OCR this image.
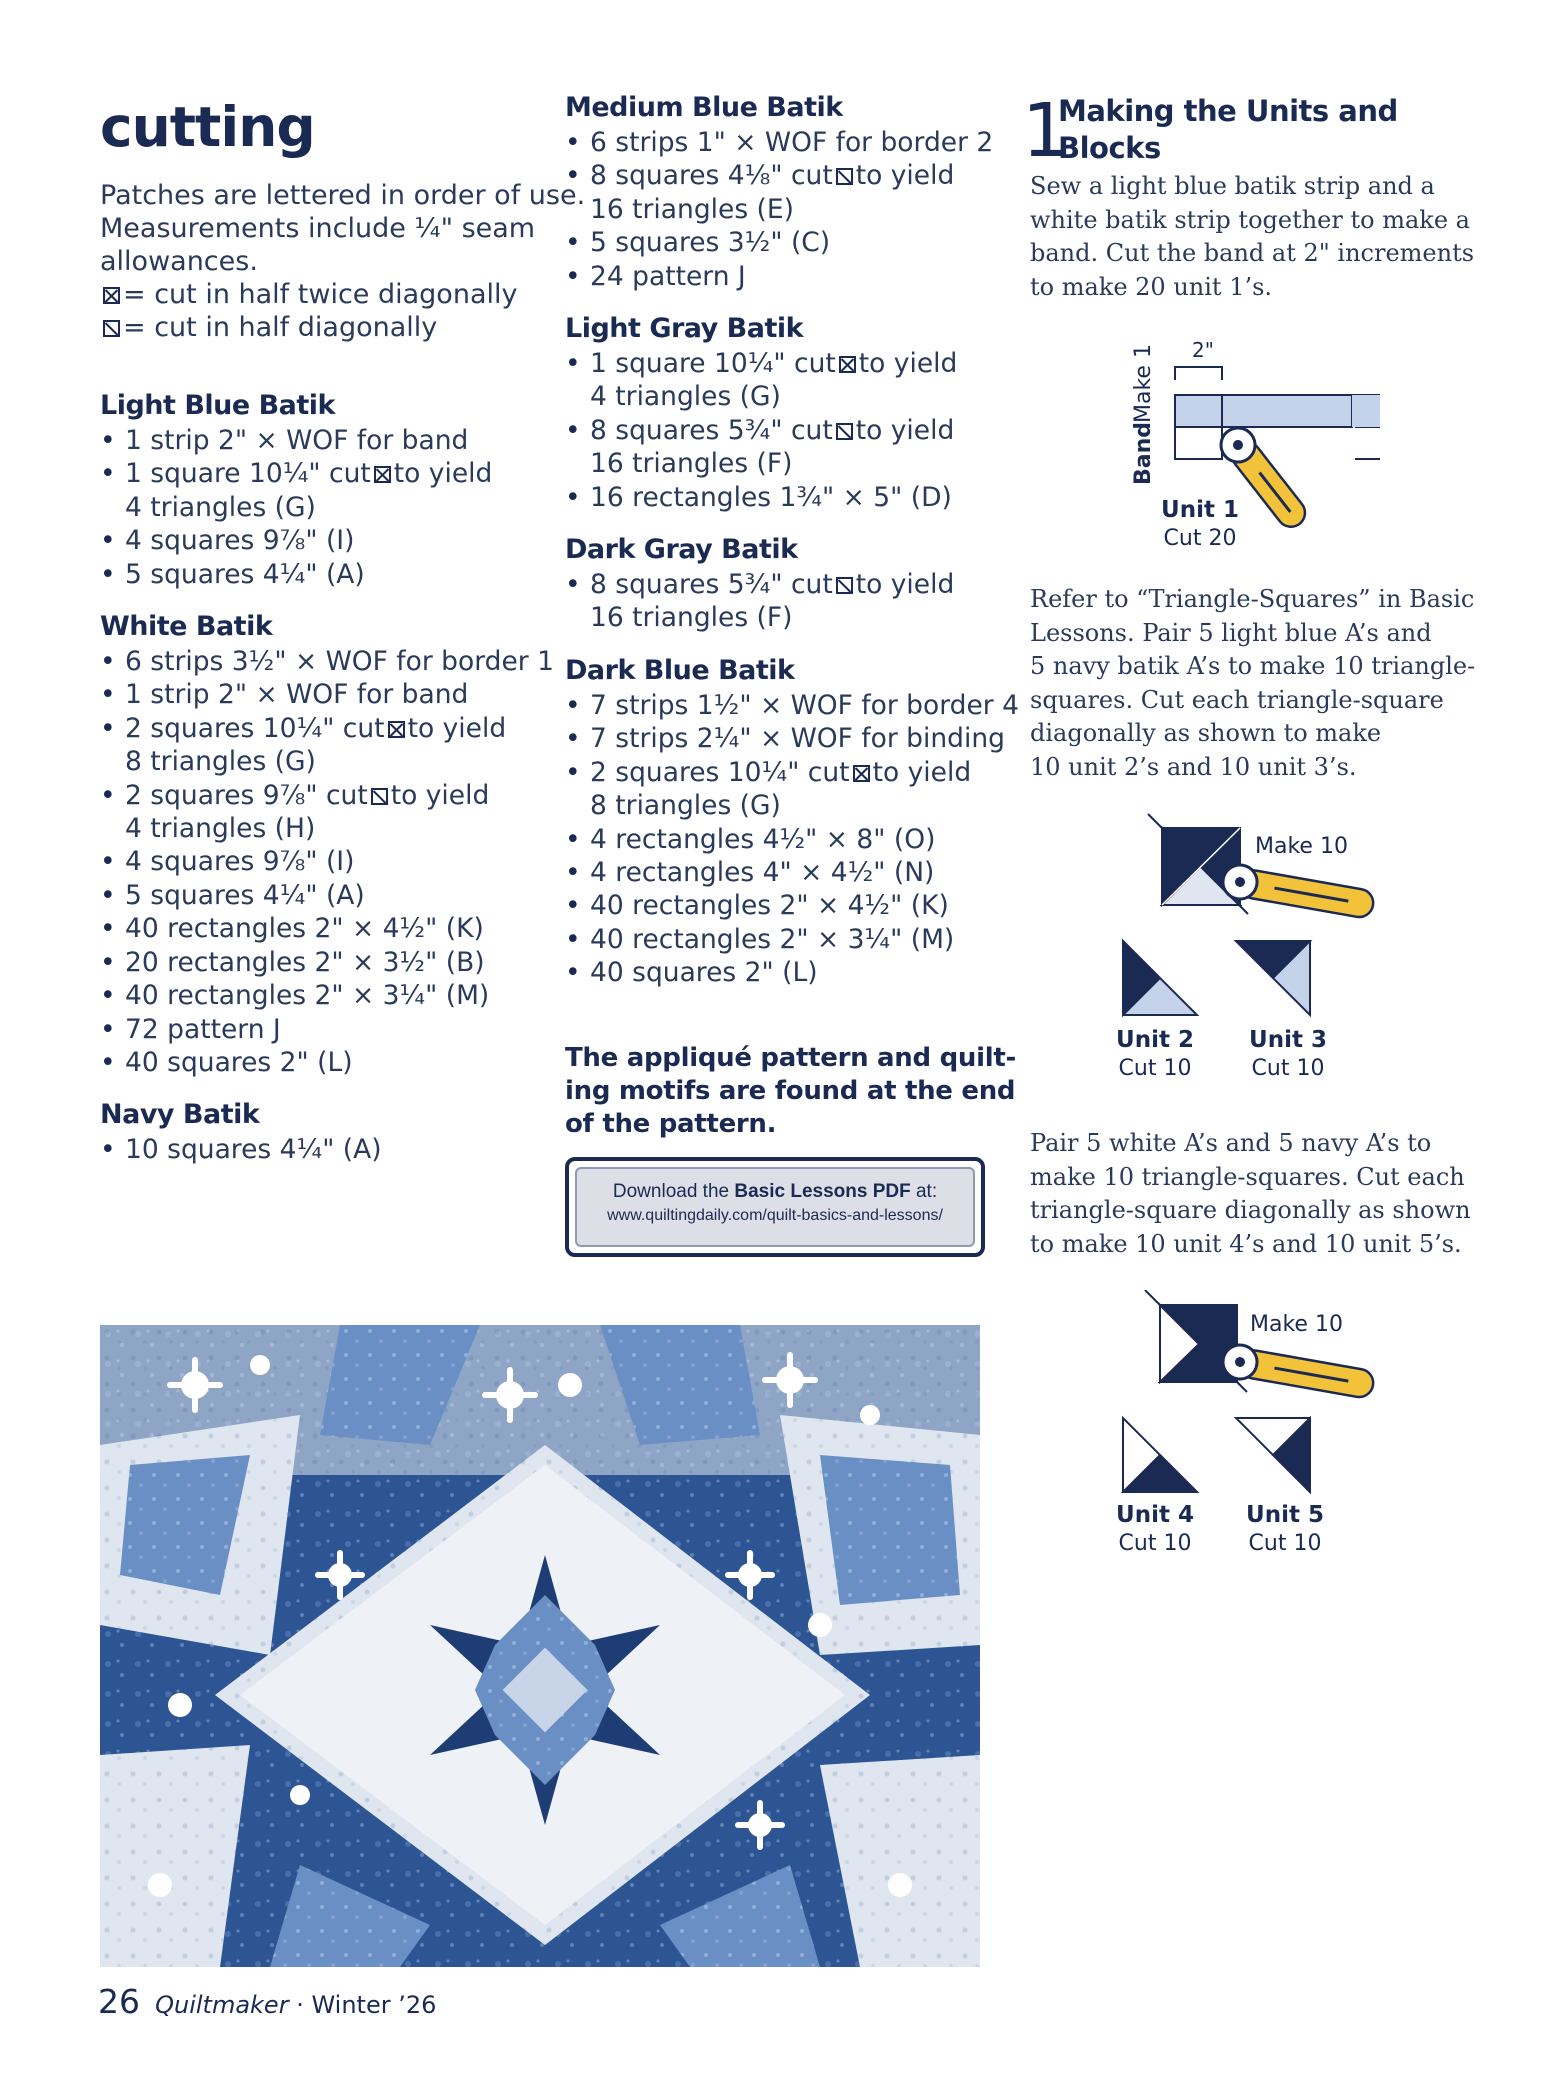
cutting
Patches are lettered in order of use.
Measurements include ¼" seam
allowances.
= cut in half twice diagonally
= cut in half diagonally
Light Blue Batik
• 1 strip 2" × WOF for band
• 1 square 10¼" cut to yield
4 triangles (G)
• 4 squares 9⅞" (I)
• 5 squares 4¼" (A)
White Batik
• 6 strips 3½" × WOF for border 1
• 1 strip 2" × WOF for band
• 2 squares 10¼" cut to yield
8 triangles (G)
• 2 squares 9⅞" cut to yield
4 triangles (H)
• 4 squares 9⅞" (I)
• 5 squares 4¼" (A)
• 40 rectangles 2" × 4½" (K)
• 20 rectangles 2" × 3½" (B)
• 40 rectangles 2" × 3¼" (M)
• 72 pattern J
• 40 squares 2" (L)
Navy Batik
• 10 squares 4¼" (A)
Medium Blue Batik
• 6 strips 1" × WOF for border 2
• 8 squares 4⅛" cut to yield
16 triangles (E)
• 5 squares 3½" (C)
• 24 pattern J
Light Gray Batik
• 1 square 10¼" cut to yield
4 triangles (G)
• 8 squares 5¾" cut to yield
16 triangles (F)
• 16 rectangles 1¾" × 5" (D)
Dark Gray Batik
• 8 squares 5¾" cut to yield
16 triangles (F)
Dark Blue Batik
• 7 strips 1½" × WOF for border 4
• 7 strips 2¼" × WOF for binding
• 2 squares 10¼" cut to yield
8 triangles (G)
• 4 rectangles 4½" × 8" (O)
• 4 rectangles 4" × 4½" (N)
• 40 rectangles 2" × 4½" (K)
• 40 rectangles 2" × 3¼" (M)
• 40 squares 2" (L)
The appliqué pattern and quilt-
ing motifs are found at the end
of the pattern.
Download the Basic Lessons PDF at:
www.quiltingdaily.com/quilt-basics-and-lessons/
1
Making the Units and
Blocks
Sew a light blue batik strip and a
white batik strip together to make a
band. Cut the band at 2" increments
to make 20 unit 1’s.
Band
Make 1 2"
Unit 1
Cut 20
Refer to “Triangle-Squares” in Basic
Lessons. Pair 5 light blue A’s and
5 navy batik A’s to make 10 triangle-
squares. Cut each triangle-square
diagonally as shown to make
10 unit 2’s and 10 unit 3’s.
Make 10
Unit 2
Cut 10
Unit 3
Cut 10
Pair 5 white A’s and 5 navy A’s to
make 10 triangle-squares. Cut each
triangle-square diagonally as shown
to make 10 unit 4’s and 10 unit 5’s.
Make 10
Unit 4
Cut 10
Unit 5
Cut 10
26 Quiltmaker · Winter ’26
